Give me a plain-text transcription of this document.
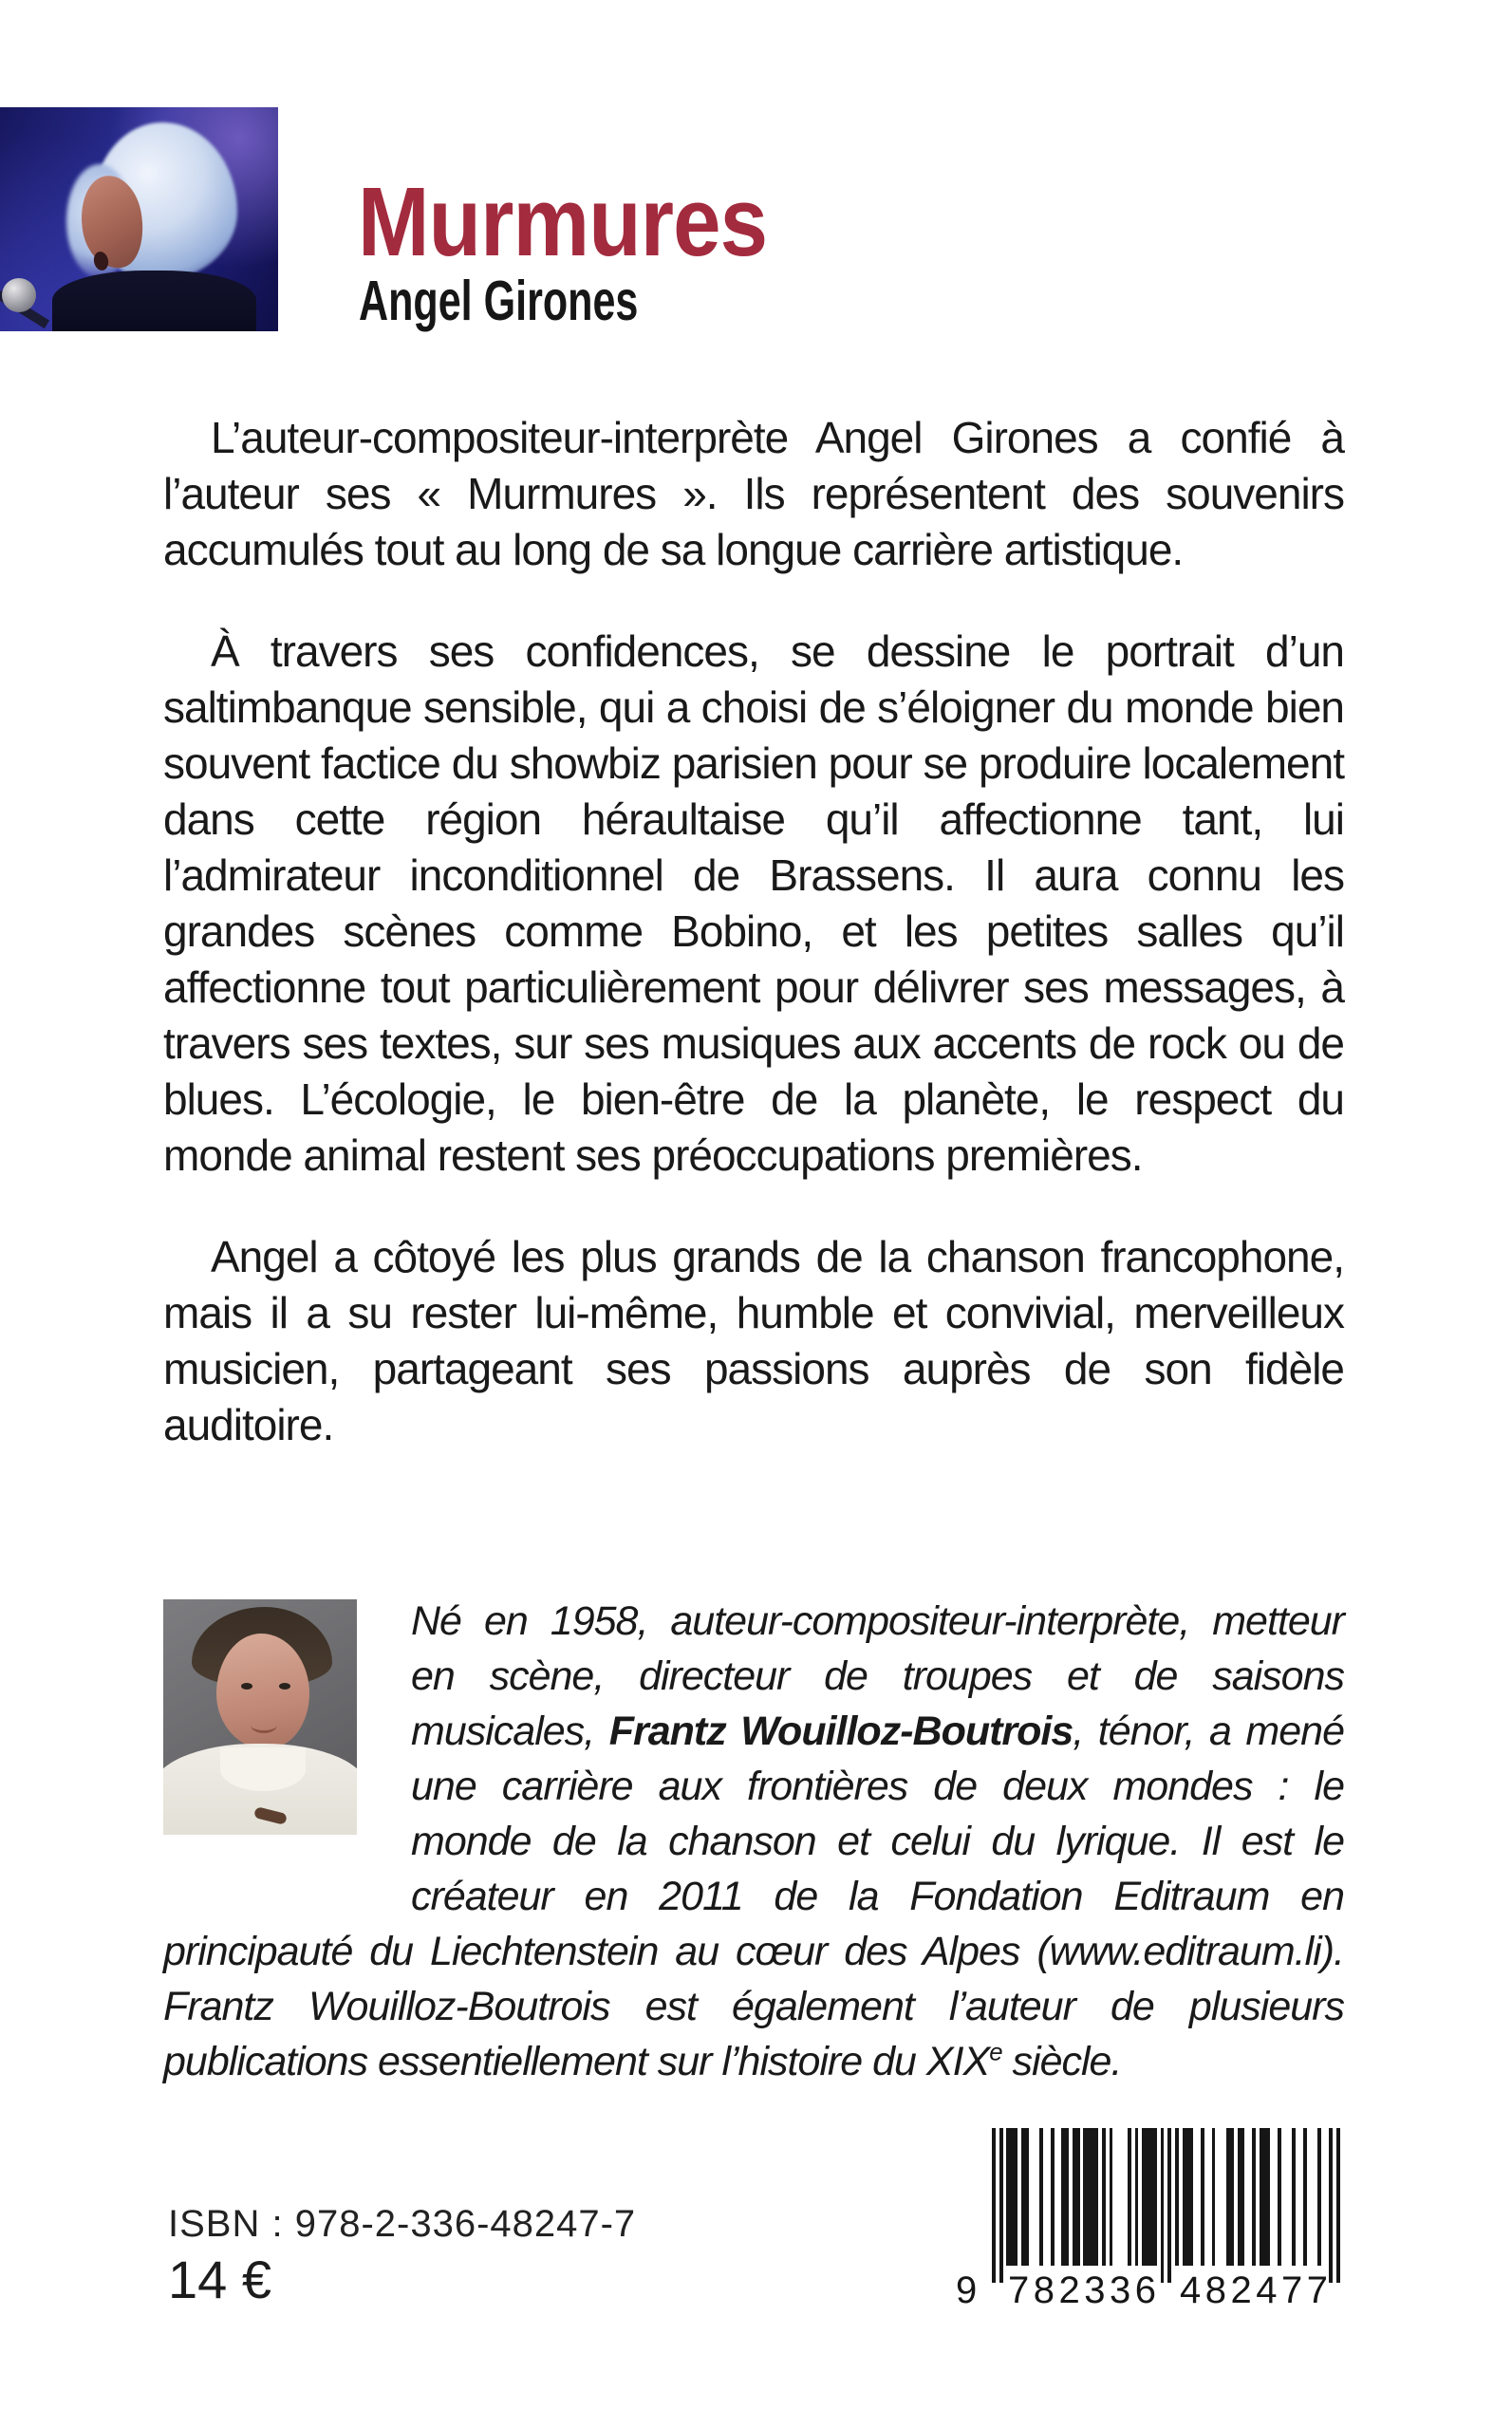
Murmures
Angel Girones

L’auteur-compositeur-interprète Angel Girones a confié à l’auteur ses « Murmures ». Ils représentent des souvenirs accumulés tout au long de sa longue carrière artistique.

À travers ses confidences, se dessine le portrait d’un saltimbanque sensible, qui a choisi de s’éloigner du monde bien souvent factice du showbiz parisien pour se produire localement dans cette région héraultaise qu’il affectionne tant, lui l’admirateur inconditionnel de Brassens. Il aura connu les grandes scènes comme Bobino, et les petites salles qu’il affectionne tout particulièrement pour délivrer ses messages, à travers ses textes, sur ses musiques aux accents de rock ou de blues. L’écologie, le bien-être de la planète, le respect du monde animal restent ses préoccupations premières.

Angel a côtoyé les plus grands de la chanson francophone, mais il a su rester lui-même, humble et convivial, merveilleux musicien, partageant ses passions auprès de son fidèle auditoire.

Né en 1958, auteur-compositeur-interprète, metteur en scène, directeur de troupes et de saisons musicales, Frantz Wouilloz-Boutrois, ténor, a mené une carrière aux frontières de deux mondes : le monde de la chanson et celui du lyrique. Il est le créateur en 2011 de la Fondation Editraum en principauté du Liechtenstein au cœur des Alpes (www.editraum.li). Frantz Wouilloz-Boutrois est également l’auteur de plusieurs publications essentiellement sur l’histoire du XIXe siècle.
ISBN : 978-2-336-48247-7
14 €	9 7 8 2 3 3 6 4 8 2 4 7 7
